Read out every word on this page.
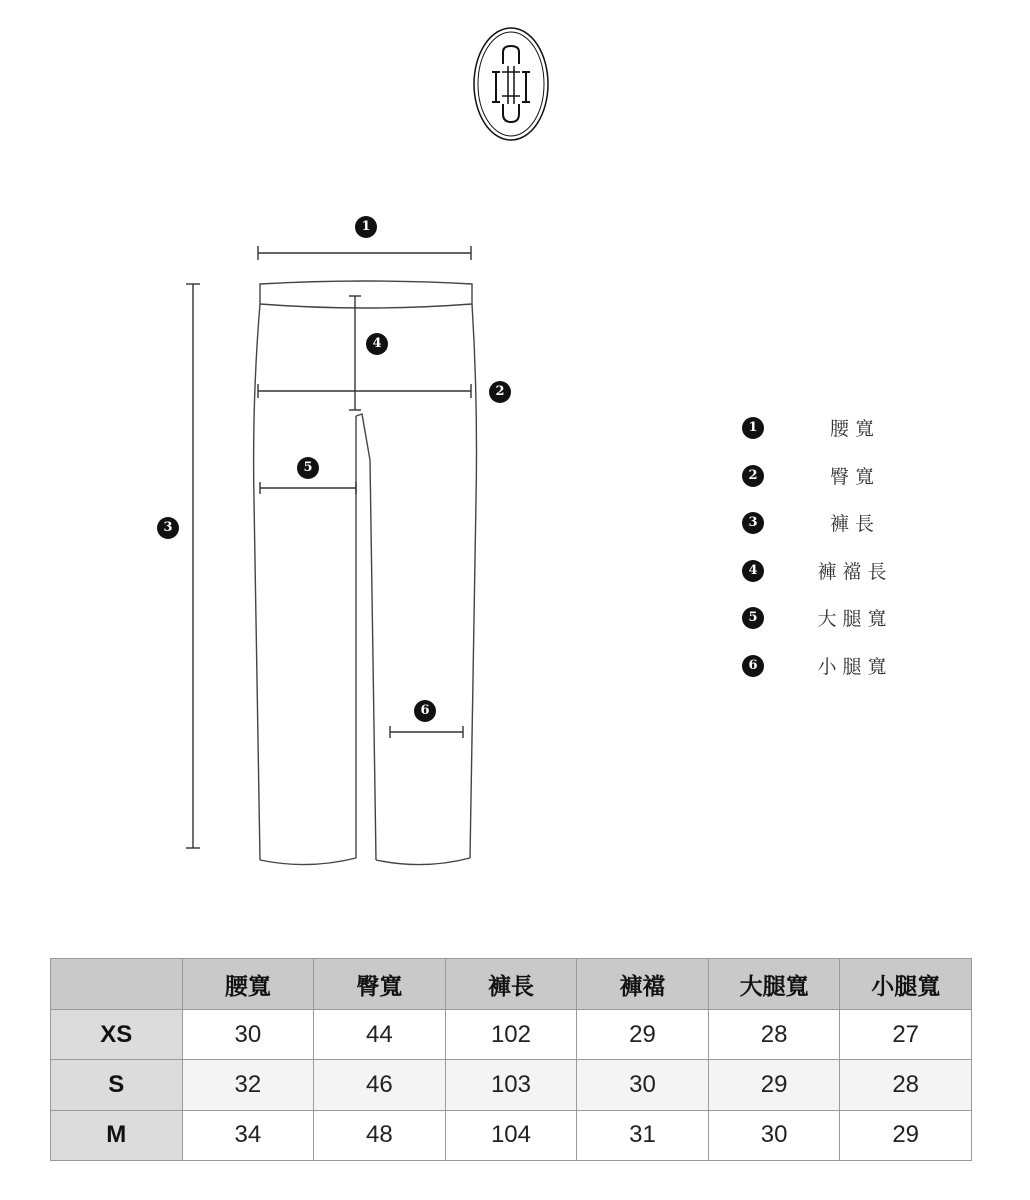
1
2
3
4
5
6
1	腰寬
2	臀寬
3	褲長
4	褲襠長
5	大腿寬
6	小腿寬
	腰寬	臀寬	褲長	褲襠	大腿寬	小腿寬
XS	30	44	102	29	28	27
S	32	46	103	30	29	28
M	34	48	104	31	30	29
